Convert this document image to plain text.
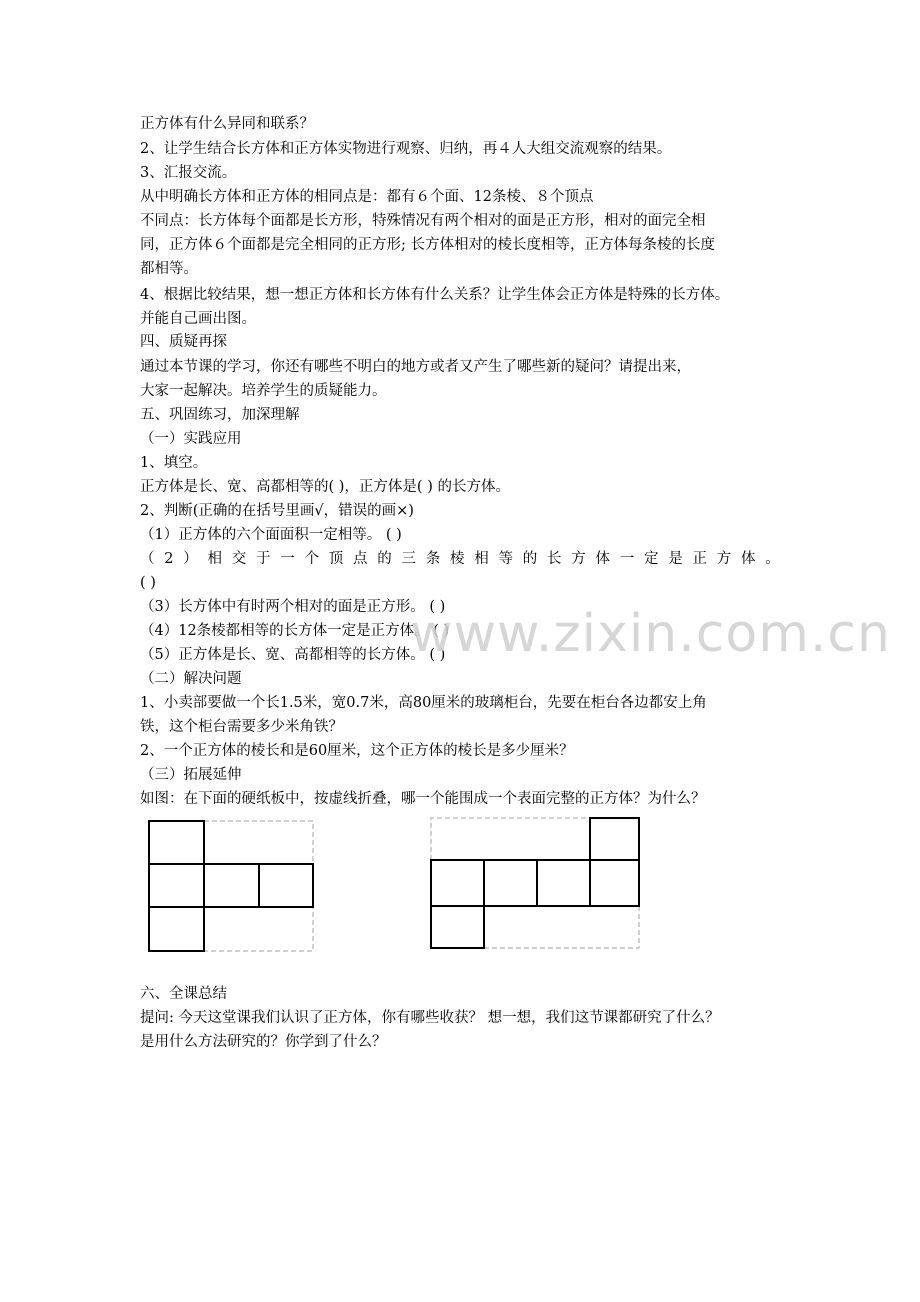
正方体有什么异同和联系？
2、让学生结合长方体和正方体实物进行观察、归纳，再４人大组交流观察的结果。
3、汇报交流。
从中明确长方体和正方体的相同点是：都有６个面、12条棱、８个顶点
不同点：长方体每个面都是长方形，特殊情况有两个相对的面是正方形，相对的面完全相
同，正方体６个面都是完全相同的正方形; 长方体相对的棱长度相等，正方体每条棱的长度
都相等。
4、根据比较结果，想一想正方体和长方体有什么关系？让学生体会正方体是特殊的长方体。
并能自己画出图。
四、质疑再探
通过本节课的学习，你还有哪些不明白的地方或者又产生了哪些新的疑问？请提出来，
大家一起解决。培养学生的质疑能力。
五、巩固练习，加深理解
（一）实践应用
1、填空。
正方体是长、宽、高都相等的( )，正方体是( ) 的长方体。
2、判断(正确的在括号里画√，错误的画×)
（1）正方体的六个面面积一定相等。 ( )
（ 2 ） 相 交 于 一 个 顶 点 的 三 条 棱 相 等 的 长 方 体 一 定 是 正 方 体 。
( )
（3）长方体中有时两个相对的面是正方形。 ( )
（4）12条棱都相等的长方体一定是正方体。 ( )
（5）正方体是长、宽、高都相等的长方体。 ( )
（二）解决问题
1、小卖部要做一个长1.5米，宽0.7米，高80厘米的玻璃柜台，先要在柜台各边都安上角
铁，这个柜台需要多少米角铁？
2、一个正方体的棱长和是60厘米，这个正方体的棱长是多少厘米？
（三）拓展延伸
如图：在下面的硬纸板中，按虚线折叠，哪一个能围成一个表面完整的正方体？为什么？
六、全课总结
提问: 今天这堂课我们认识了正方体，你有哪些收获？ 想一想，我们这节课都研究了什么？
是用什么方法研究的？你学到了什么？
www.zixin.com.cn
